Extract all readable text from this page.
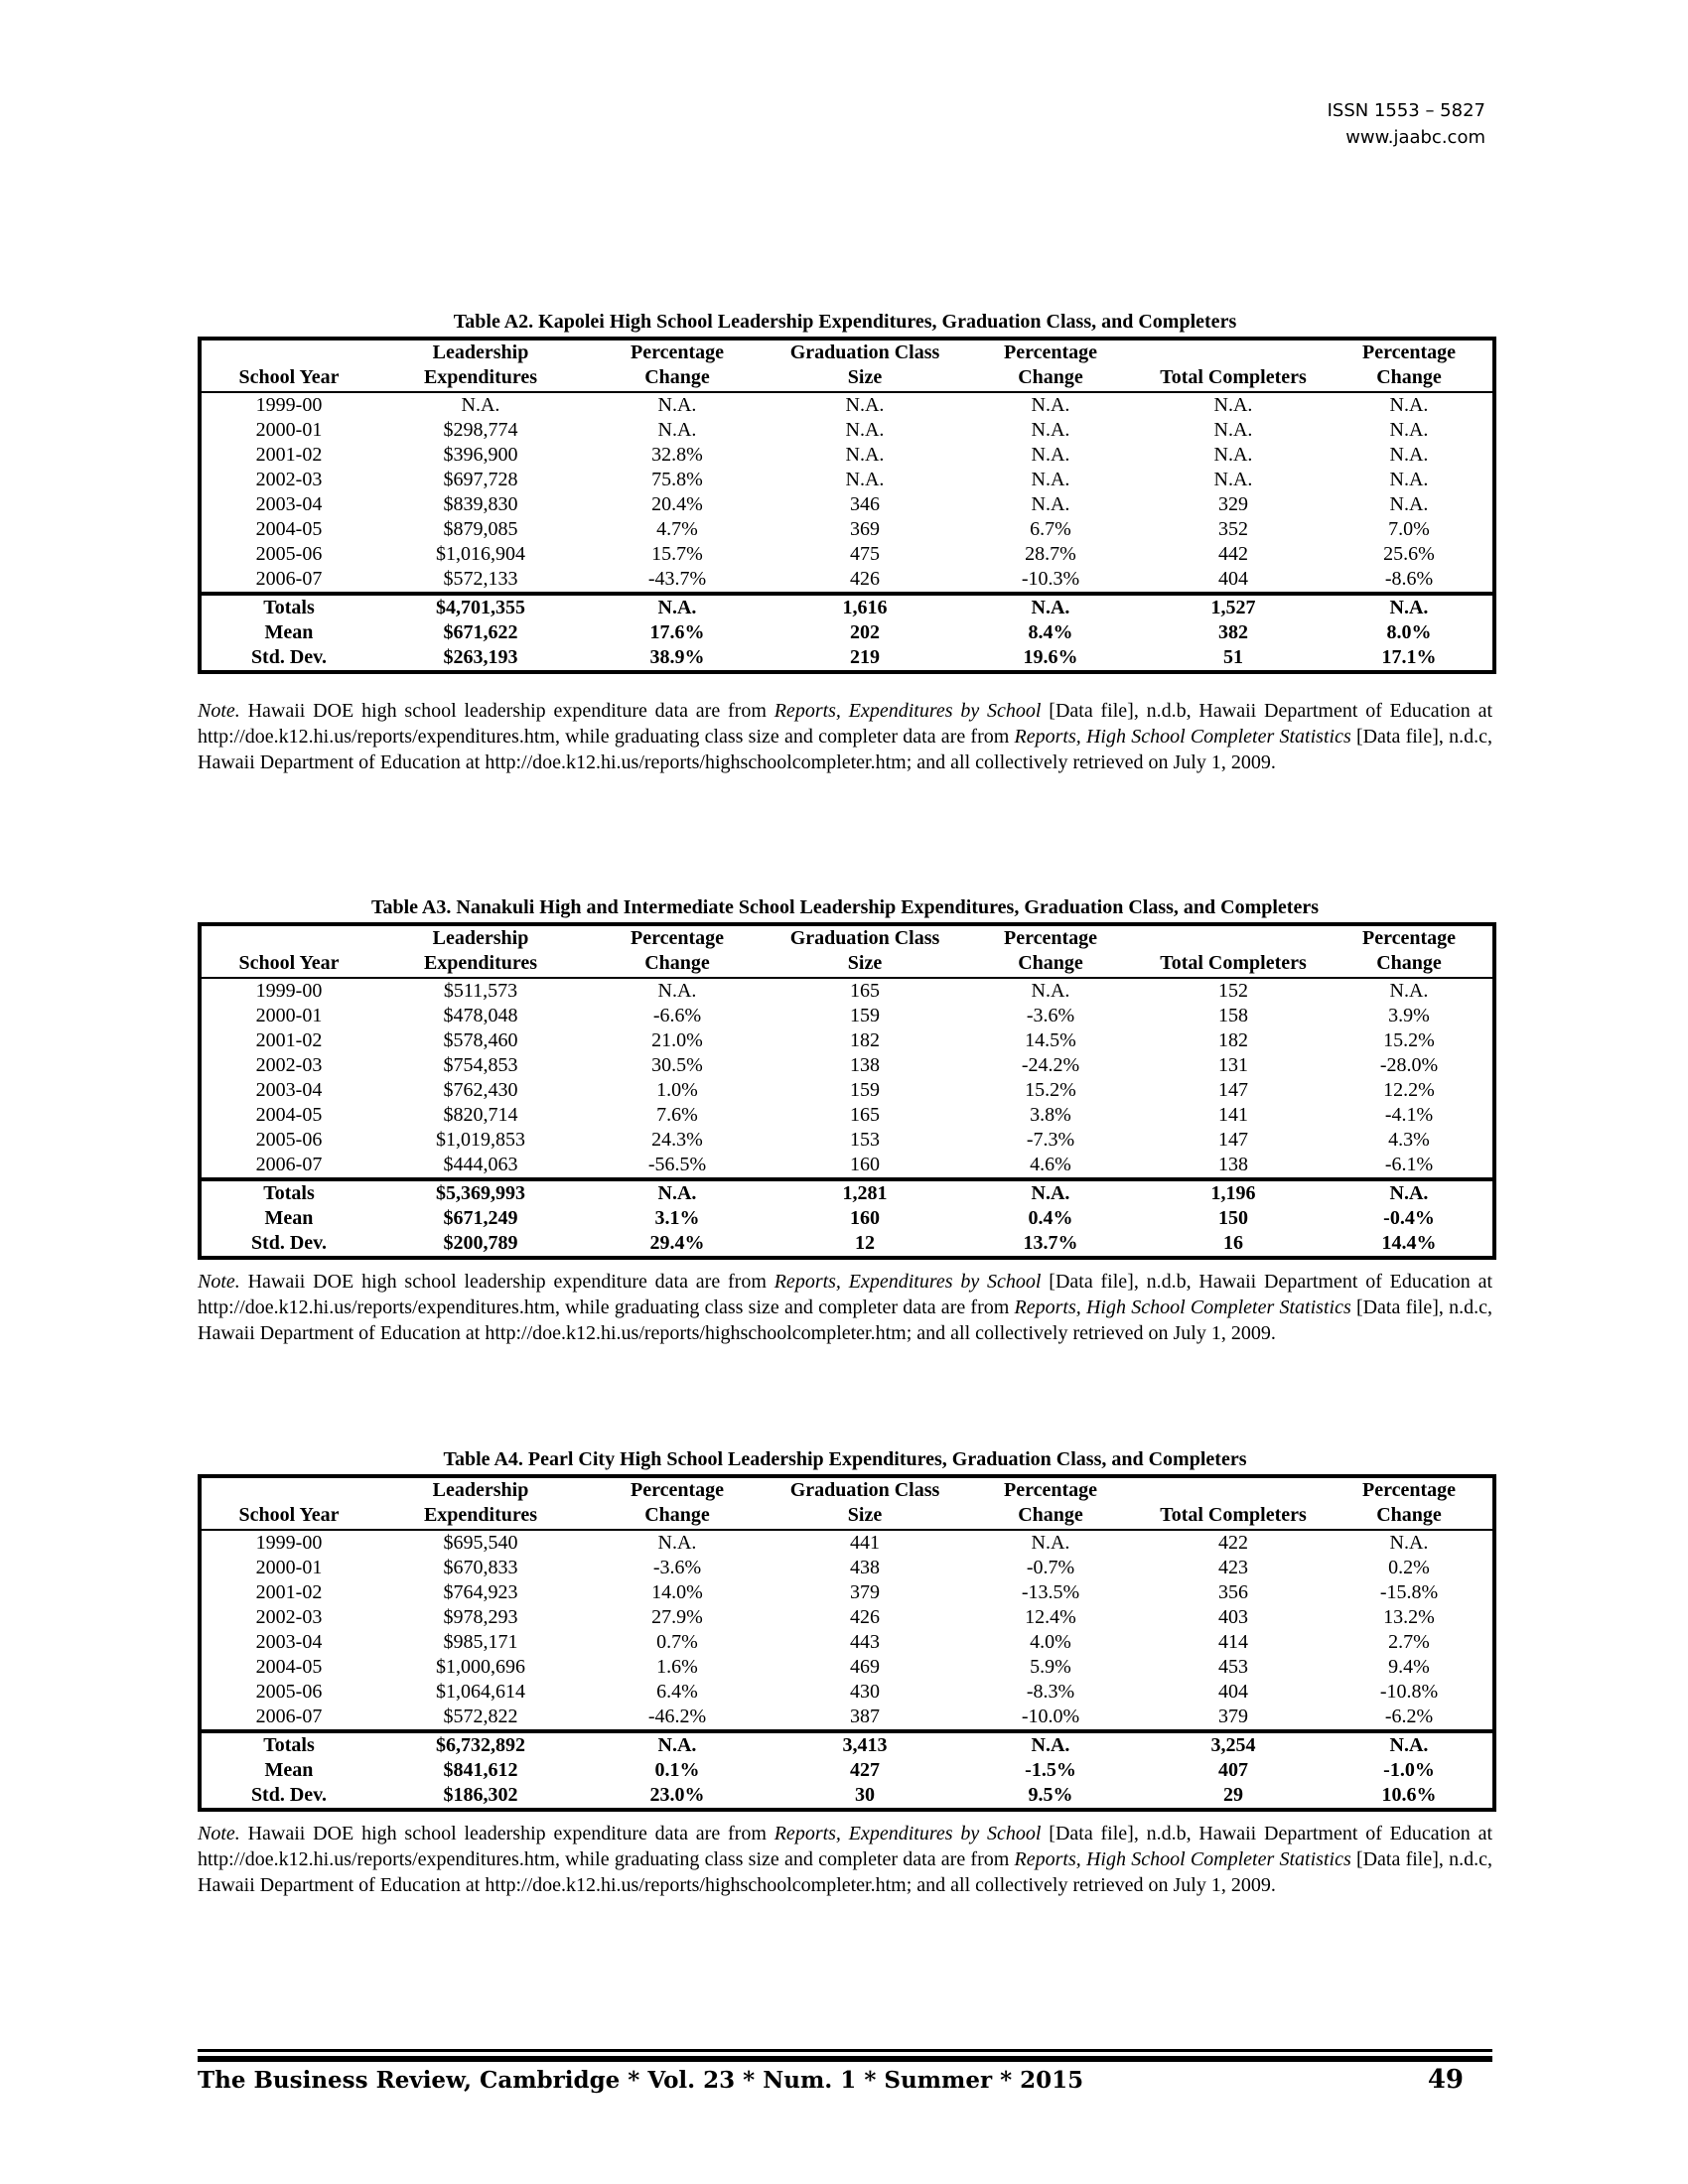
ISSN 1553 – 5827
www.jaabc.com
Table A2. Kapolei High School Leadership Expenditures, Graduation Class, and Completers
	Leadership	Percentage	Graduation Class	Percentage		Percentage
School Year	Expenditures	Change	Size	Change	Total Completers	Change
1999-00	N.A.	N.A.	N.A.	N.A.	N.A.	N.A.
2000-01	$298,774	N.A.	N.A.	N.A.	N.A.	N.A.
2001-02	$396,900	32.8%	N.A.	N.A.	N.A.	N.A.
2002-03	$697,728	75.8%	N.A.	N.A.	N.A.	N.A.
2003-04	$839,830	20.4%	346	N.A.	329	N.A.
2004-05	$879,085	4.7%	369	6.7%	352	7.0%
2005-06	$1,016,904	15.7%	475	28.7%	442	25.6%
2006-07	$572,133	-43.7%	426	-10.3%	404	-8.6%
Totals	$4,701,355	N.A.	1,616	N.A.	1,527	N.A.
Mean	$671,622	17.6%	202	8.4%	382	8.0%
Std. Dev.	$263,193	38.9%	219	19.6%	51	17.1%
Note. Hawaii DOE high school leadership expenditure data are from Reports, Expenditures by School [Data file], n.d.b, Hawaii Department of Education at http://doe.k12.hi.us/reports/expenditures.htm, while graduating class size and completer data are from Reports, High School Completer Statistics [Data file], n.d.c, Hawaii Department of Education at http://doe.k12.hi.us/reports/highschoolcompleter.htm; and all collectively retrieved on July 1, 2009.
Table A3. Nanakuli High and Intermediate School Leadership Expenditures, Graduation Class, and Completers
	Leadership	Percentage	Graduation Class	Percentage		Percentage
School Year	Expenditures	Change	Size	Change	Total Completers	Change
1999-00	$511,573	N.A.	165	N.A.	152	N.A.
2000-01	$478,048	-6.6%	159	-3.6%	158	3.9%
2001-02	$578,460	21.0%	182	14.5%	182	15.2%
2002-03	$754,853	30.5%	138	-24.2%	131	-28.0%
2003-04	$762,430	1.0%	159	15.2%	147	12.2%
2004-05	$820,714	7.6%	165	3.8%	141	-4.1%
2005-06	$1,019,853	24.3%	153	-7.3%	147	4.3%
2006-07	$444,063	-56.5%	160	4.6%	138	-6.1%
Totals	$5,369,993	N.A.	1,281	N.A.	1,196	N.A.
Mean	$671,249	3.1%	160	0.4%	150	-0.4%
Std. Dev.	$200,789	29.4%	12	13.7%	16	14.4%
Note. Hawaii DOE high school leadership expenditure data are from Reports, Expenditures by School [Data file], n.d.b, Hawaii Department of Education at http://doe.k12.hi.us/reports/expenditures.htm, while graduating class size and completer data are from Reports, High School Completer Statistics [Data file], n.d.c, Hawaii Department of Education at http://doe.k12.hi.us/reports/highschoolcompleter.htm; and all collectively retrieved on July 1, 2009.
Table A4. Pearl City High School Leadership Expenditures, Graduation Class, and Completers
	Leadership	Percentage	Graduation Class	Percentage		Percentage
School Year	Expenditures	Change	Size	Change	Total Completers	Change
1999-00	$695,540	N.A.	441	N.A.	422	N.A.
2000-01	$670,833	-3.6%	438	-0.7%	423	0.2%
2001-02	$764,923	14.0%	379	-13.5%	356	-15.8%
2002-03	$978,293	27.9%	426	12.4%	403	13.2%
2003-04	$985,171	0.7%	443	4.0%	414	2.7%
2004-05	$1,000,696	1.6%	469	5.9%	453	9.4%
2005-06	$1,064,614	6.4%	430	-8.3%	404	-10.8%
2006-07	$572,822	-46.2%	387	-10.0%	379	-6.2%
Totals	$6,732,892	N.A.	3,413	N.A.	3,254	N.A.
Mean	$841,612	0.1%	427	-1.5%	407	-1.0%
Std. Dev.	$186,302	23.0%	30	9.5%	29	10.6%
Note. Hawaii DOE high school leadership expenditure data are from Reports, Expenditures by School [Data file], n.d.b, Hawaii Department of Education at http://doe.k12.hi.us/reports/expenditures.htm, while graduating class size and completer data are from Reports, High School Completer Statistics [Data file], n.d.c, Hawaii Department of Education at http://doe.k12.hi.us/reports/highschoolcompleter.htm; and all collectively retrieved on July 1, 2009.
The Business Review, Cambridge * Vol. 23 * Num. 1 * Summer * 2015	49
